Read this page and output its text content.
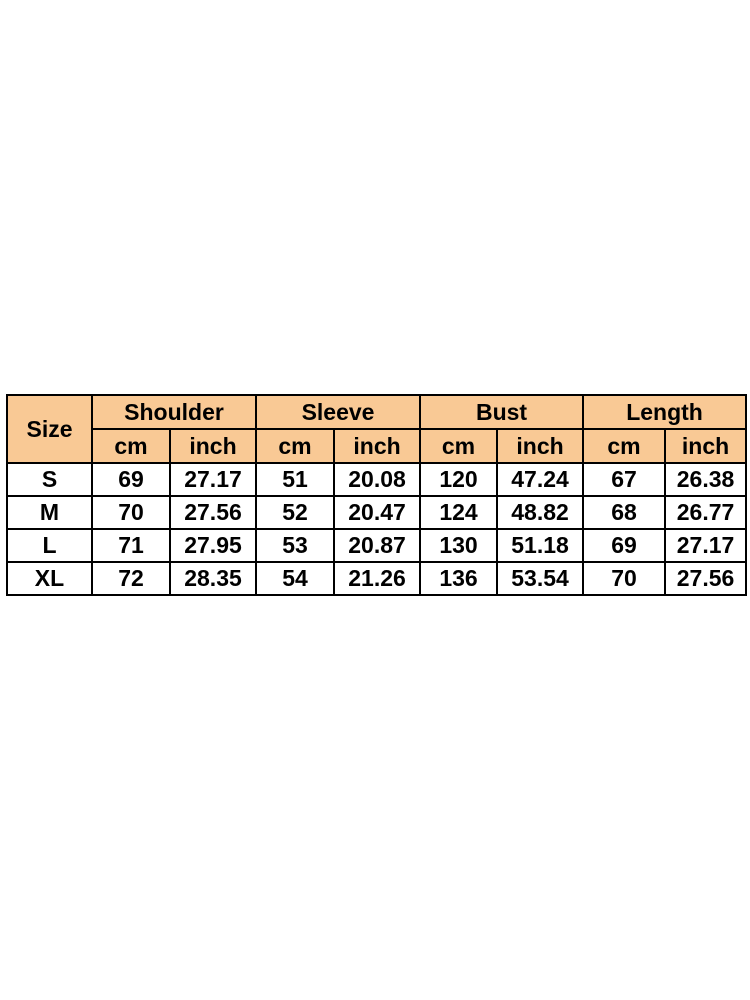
Size	Shoulder		Sleeve		Bust		Length	
	cm	inch	cm	inch	cm	inch	cm	inch
S	69	27.17	51	20.08	120	47.24	67	26.38
M	70	27.56	52	20.47	124	48.82	68	26.77
L	71	27.95	53	20.87	130	51.18	69	27.17
XL	72	28.35	54	21.26	136	53.54	70	27.56
